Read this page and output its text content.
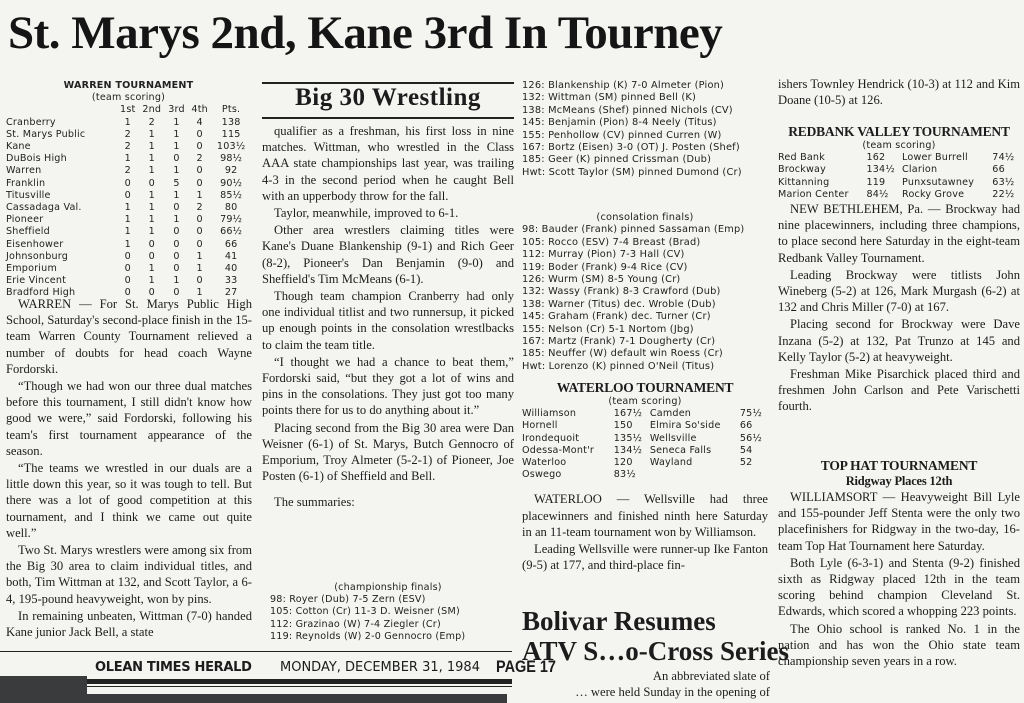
St. Marys 2nd, Kane 3rd In Tourney
WARREN TOURNAMENT
(team scoring)
	1st	2nd	3rd	4th	Pts.
Cranberry	1	2	1	4	138
St. Marys Public	2	1	1	0	115
Kane	2	1	1	0	103½
DuBois High	1	1	0	2	98½
Warren	2	1	1	0	92
Franklin	0	0	5	0	90½
Titusville	0	1	1	1	85½
Cassadaga Val.	1	1	0	2	80
Pioneer	1	1	1	0	79½
Sheffield	1	1	0	0	66½
Eisenhower	1	0	0	0	66
Johnsonburg	0	0	0	1	41
Emporium	0	1	0	1	40
Erie Vincent	0	1	1	0	33
Bradford High	0	0	0	1	27

WARREN — For St. Marys Public High School, Saturday's second-place finish in the 15-team Warren County Tournament relieved a number of doubts for head coach Wayne Fordorski.

“Though we had won our three dual matches before this tournament, I still didn't know how good we were,” said Fordorski, following his team's first tournament appearance of the season.

“The teams we wrestled in our duals are a little down this year, so it was tough to tell. But there was a lot of good competition at this tournament, and I think we came out quite well.”

Two St. Marys wrestlers were among six from the Big 30 area to claim individual titles, and both, Tim Wittman at 132, and Scott Taylor, a 6-4, 195-pound heavyweight, won by pins.

In remaining unbeaten, Wittman (7-0) handed Kane junior Jack Bell, a state

Big 30 Wrestling

qualifier as a freshman, his first loss in nine matches. Wittman, who wrestled in the Class AAA state championships last year, was trailing 4-3 in the second period when he caught Bell with an upperbody throw for the fall.

Taylor, meanwhile, improved to 6-1.

Other area wrestlers claiming titles were Kane's Duane Blankenship (9-1) and Rich Geer (8-2), Pioneer's Dan Benjamin (9-0) and Sheffield's Tim McMeans (6-1).

Though team champion Cranberry had only one individual titlist and two runnersup, it picked up enough points in the consolation wrestlbacks to claim the team title.

“I thought we had a chance to beat them,” Fordorski said, “but they got a lot of wins and pins in the consolations. They just got too many points there for us to do anything about it.”

Placing second from the Big 30 area were Dan Weisner (6-1) of St. Marys, Butch Gennocro of Emporium, Troy Almeter (5-2-1) of Pioneer, Joe Posten (6-1) of Sheffield and Bell.

The summaries:

(championship finals)
98: Royer (Dub) 7-5 Zern (ESV)
105: Cotton (Cr) 11-3 D. Weisner (SM)
112: Grazinao (W) 7-4 Ziegler (Cr)
119: Reynolds (W) 2-0 Gennocro (Emp)
126: Blankenship (K) 7-0 Almeter (Pion)
132: Wittman (SM) pinned Bell (K)
138: McMeans (Shef) pinned Nichols (CV)
145: Benjamin (Pion) 8-4 Neely (Titus)
155: Penhollow (CV) pinned Curren (W)
167: Bortz (Eisen) 3-0 (OT) J. Posten (Shef)
185: Geer (K) pinned Crissman (Dub)
Hwt: Scott Taylor (SM) pinned Dumond (Cr)
(consolation finals)
98: Bauder (Frank) pinned Sassaman (Emp)
105: Rocco (ESV) 7-4 Breast (Brad)
112: Murray (Pion) 7-3 Hall (CV)
119: Boder (Frank) 9-4 Rice (CV)
126: Wurm (SM) 8-5 Young (Cr)
132: Wassy (Frank) 8-3 Crawford (Dub)
138: Warner (Titus) dec. Wroble (Dub)
145: Graham (Frank) dec. Turner (Cr)
155: Nelson (Cr) 5-1 Nortom (Jbg)
167: Martz (Frank) 7-1 Dougherty (Cr)
185: Neuffer (W) default win Roess (Cr)
Hwt: Lorenzo (K) pinned O'Neil (Titus)
WATERLOO TOURNAMENT
(team scoring)
Williamson	167½	Camden	75½
Hornell	150	Elmira So'side	66
Irondequoit	135½	Wellsville	56½
Odessa-Mont'r	134½	Seneca Falls	54
Waterloo	120	Wayland	52
Oswego	83½		

WATERLOO — Wellsville had three placewinners and finished ninth here Saturday in an 11-team tournament won by Williamson.

Leading Wellsville were runner-up Ike Fanton (9-5) at 177, and third-place fin-

Bolivar Resumes
ATV S…o-Cross Series
An abbreviated slate of
… were held Sunday in the opening of
ishers Townley Hendrick (10-3) at 112 and Kim Doane (10-5) at 126.
REDBANK VALLEY TOURNAMENT
(team scoring)
Red Bank	162	Lower Burrell	74½
Brockway	134½	Clarion	66
Kittanning	119	Punxsutawney	63½
Marion Center	84½	Rocky Grove	22½

NEW BETHLEHEM, Pa. — Brockway had nine placewinners, including three champions, to place second here Saturday in the eight-team Redbank Valley Tournament.

Leading Brockway were titlists John Wineberg (5-2) at 126, Mark Murgash (6-2) at 132 and Chris Miller (7-0) at 167.

Placing second for Brockway were Dave Inzana (5-2) at 132, Pat Trunzo at 145 and Kelly Taylor (5-2) at heavyweight.

Freshman Mike Pisarchick placed third and freshmen John Carlson and Pete Varischetti fourth.

TOP HAT TOURNAMENT
Ridgway Places 12th

WILLIAMSORT — Heavyweight Bill Lyle and 155-pounder Jeff Stenta were the only two placefinishers for Ridgway in the two-day, 16-team Top Hat Tournament here Saturday.

Both Lyle (6-3-1) and Stenta (9-2) finished sixth as Ridgway placed 12th in the team scoring behind champion Cleveland St. Edwards, which scored a whopping 223 points.

The Ohio school is ranked No. 1 in the nation and has won the Ohio state team championship seven years in a row.

OLEAN TIMES HERALD MONDAY, DECEMBER 31, 1984 PAGE 17
